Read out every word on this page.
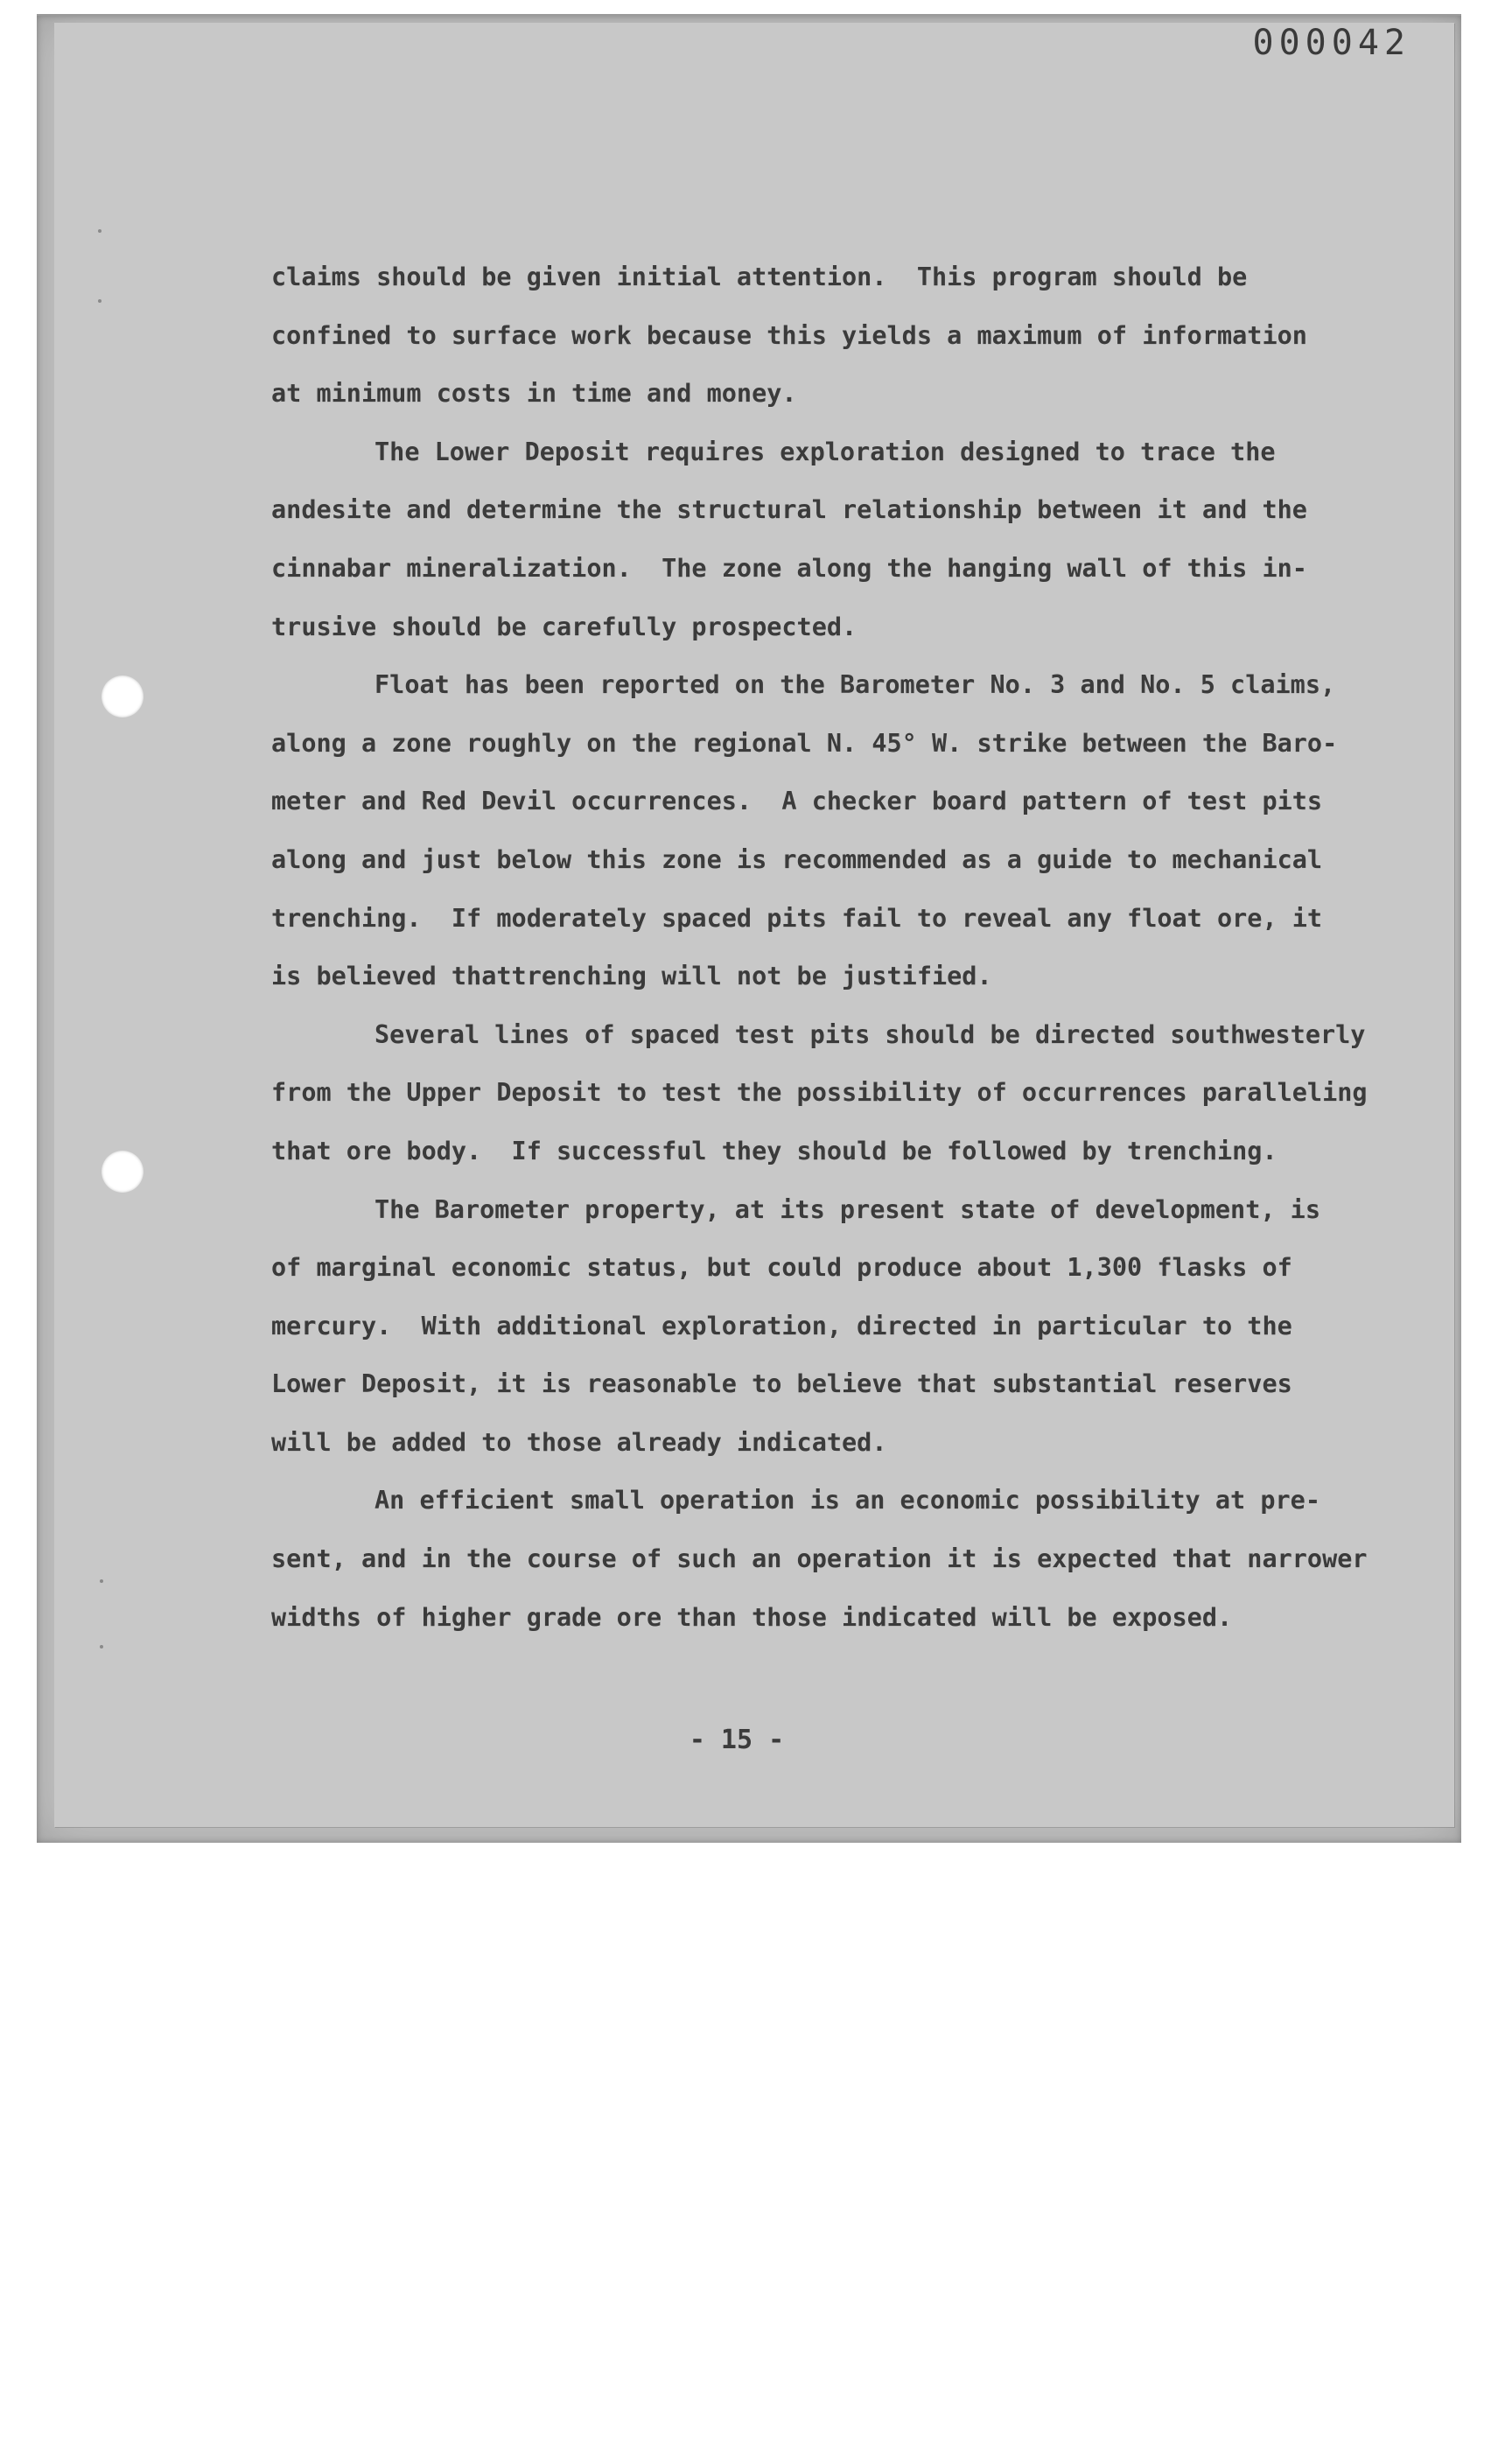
000042
claims should be given initial attention.  This program should be
confined to surface work because this yields a maximum of information
at minimum costs in time and money.
The Lower Deposit requires exploration designed to trace the
andesite and determine the structural relationship between it and the
cinnabar mineralization.  The zone along the hanging wall of this in-
trusive should be carefully prospected.
Float has been reported on the Barometer No. 3 and No. 5 claims,
along a zone roughly on the regional N. 45° W. strike between the Baro-
meter and Red Devil occurrences.  A checker board pattern of test pits
along and just below this zone is recommended as a guide to mechanical
trenching.  If moderately spaced pits fail to reveal any float ore, it
is believed thattrenching will not be justified.
Several lines of spaced test pits should be directed southwesterly
from the Upper Deposit to test the possibility of occurrences paralleling
that ore body.  If successful they should be followed by trenching.
The Barometer property, at its present state of development, is
of marginal economic status, but could produce about 1,300 flasks of
mercury.  With additional exploration, directed in particular to the
Lower Deposit, it is reasonable to believe that substantial reserves
will be added to those already indicated.
An efficient small operation is an economic possibility at pre-
sent, and in the course of such an operation it is expected that narrower
widths of higher grade ore than those indicated will be exposed.
- 15 -
